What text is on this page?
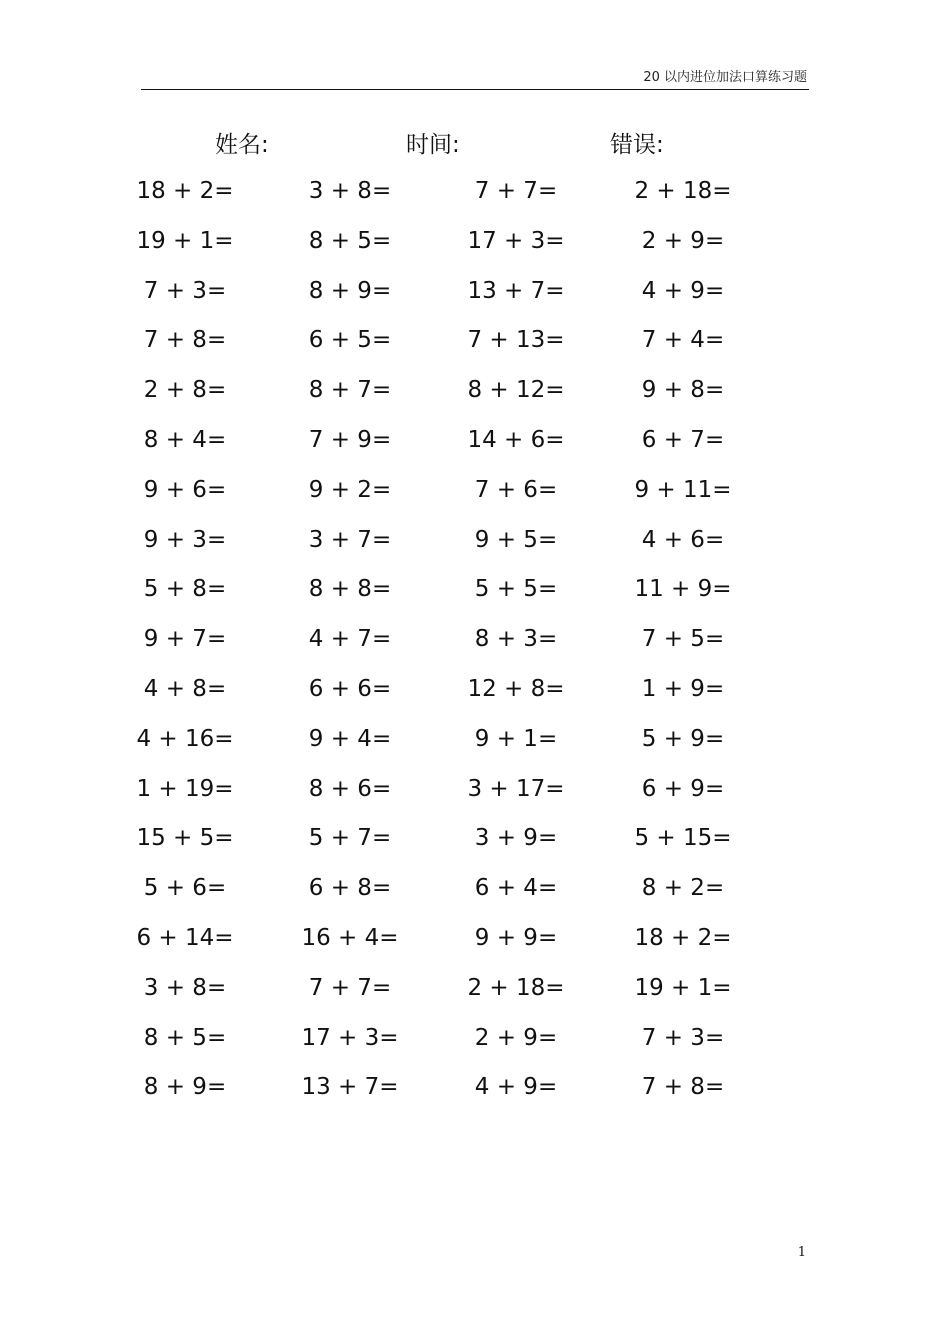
20 以内进位加法口算练习题
姓名:	时间:	错误:
18 + 2=	3 + 8=	7 + 7=	2 + 18=
19 + 1=	8 + 5=	17 + 3=	2 + 9=
7 + 3=	8 + 9=	13 + 7=	4 + 9=
7 + 8=	6 + 5=	7 + 13=	7 + 4=
2 + 8=	8 + 7=	8 + 12=	9 + 8=
8 + 4=	7 + 9=	14 + 6=	6 + 7=
9 + 6=	9 + 2=	7 + 6=	9 + 11=
9 + 3=	3 + 7=	9 + 5=	4 + 6=
5 + 8=	8 + 8=	5 + 5=	11 + 9=
9 + 7=	4 + 7=	8 + 3=	7 + 5=
4 + 8=	6 + 6=	12 + 8=	1 + 9=
4 + 16=	9 + 4=	9 + 1=	5 + 9=
1 + 19=	8 + 6=	3 + 17=	6 + 9=
15 + 5=	5 + 7=	3 + 9=	5 + 15=
5 + 6=	6 + 8=	6 + 4=	8 + 2=
6 + 14=	16 + 4=	9 + 9=	18 + 2=
3 + 8=	7 + 7=	2 + 18=	19 + 1=
8 + 5=	17 + 3=	2 + 9=	7 + 3=
8 + 9=	13 + 7=	4 + 9=	7 + 8=
1
